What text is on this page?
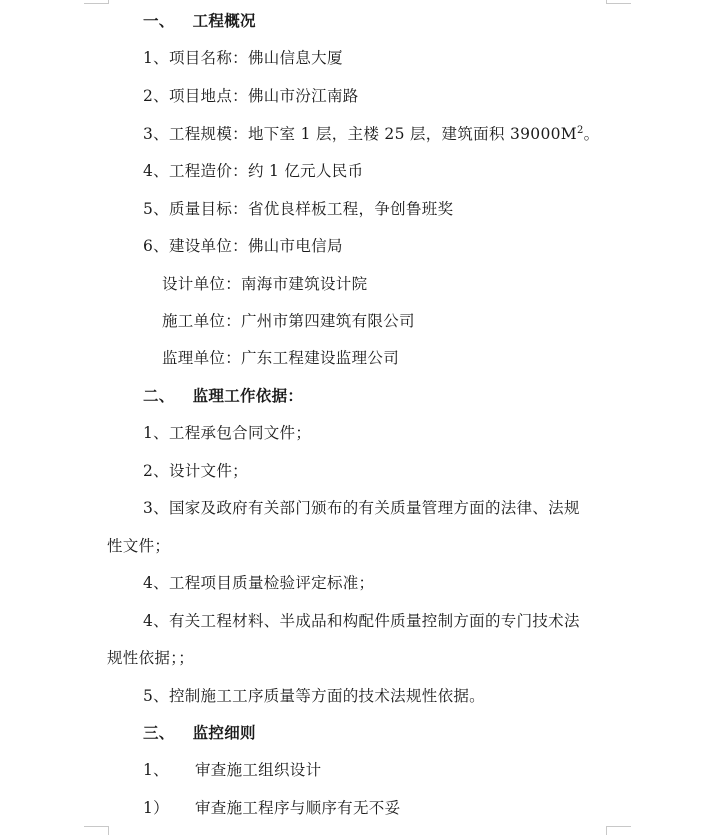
一、 工程概况
1、项目名称：佛山信息大厦
2、项目地点：佛山市汾江南路
3、工程规模：地下室 1 层，主楼 25 层，建筑面积 $39000M^2$。
4、工程造价：约 1 亿元人民币
5、质量目标：省优良样板工程，争创鲁班奖
6、建设单位：佛山市电信局
设计单位：南海市建筑设计院
施工单位：广州市第四建筑有限公司
监理单位：广东工程建设监理公司
二、 监理工作依据：
1、工程承包合同文件；
2、设计文件；
3、国家及政府有关部门颁布的有关质量管理方面的法律、法规
性文件；
4、工程项目质量检验评定标准；
4、有关工程材料、半成品和构配件质量控制方面的专门技术法
规性依据；；
5、控制施工工序质量等方面的技术法规性依据。
三、 监控细则
1、 审查施工组织设计
1） 审查施工程序与顺序有无不妥
